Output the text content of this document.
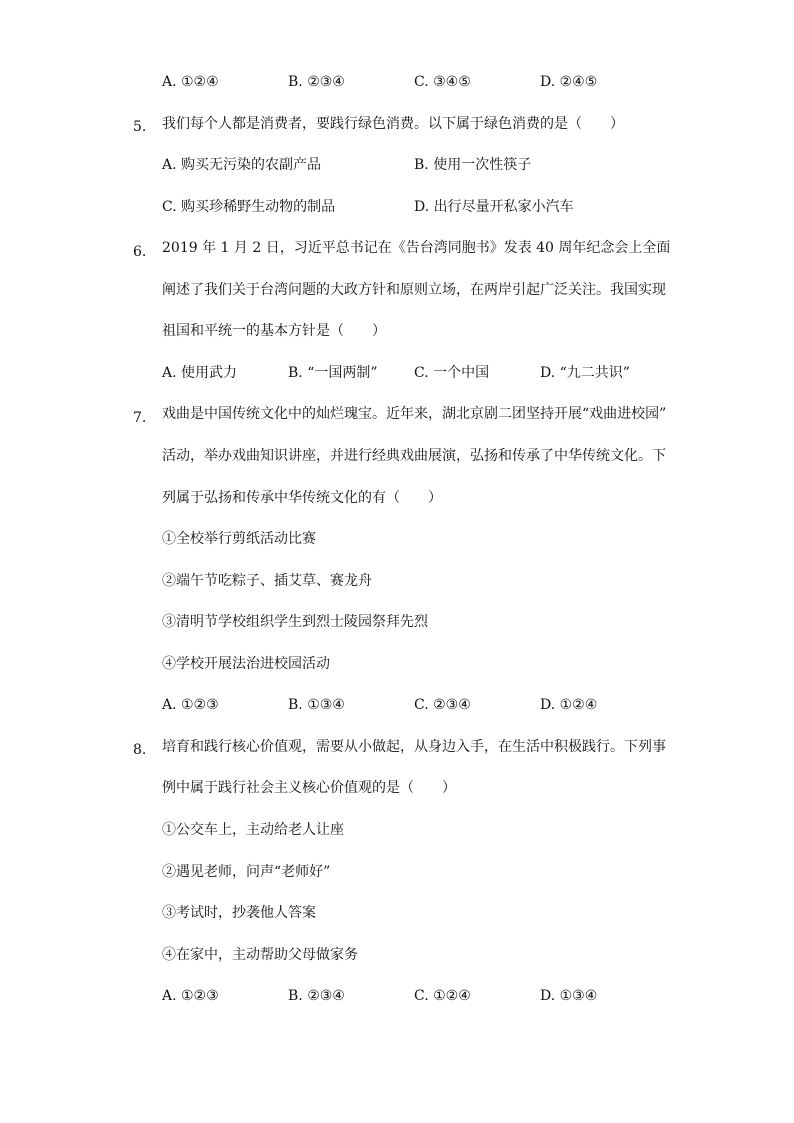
A. ①②④	B. ②③④	C. ③④⑤	D. ②④⑤
5. 我们每个人都是消费者，要践行绿色消费。以下属于绿色消费的是（　　）
A. 购买无污染的农副产品	B. 使用一次性筷子
C. 购买珍稀野生动物的制品	D. 出行尽量开私家小汽车
6. 2019 年 1 月 2 日，习近平总书记在《告台湾同胞书》发表 40 周年纪念会上全面
阐述了我们关于台湾问题的大政方针和原则立场，在两岸引起广泛关注。我国实现
祖国和平统一的基本方针是（　　）
A. 使用武力	B. “一国两制”	C. 一个中国	D. “九二共识”
7. 戏曲是中国传统文化中的灿烂瑰宝。近年来，湖北京剧二团坚持开展“戏曲进校园”
活动，举办戏曲知识讲座，并进行经典戏曲展演，弘扬和传承了中华传统文化。下
列属于弘扬和传承中华传统文化的有（　　）
①全校举行剪纸活动比赛
②端午节吃粽子、插艾草、赛龙舟
③清明节学校组织学生到烈士陵园祭拜先烈
④学校开展法治进校园活动
A. ①②③	B. ①③④	C. ②③④	D. ①②④
8. 培育和践行核心价值观，需要从小做起，从身边入手，在生活中积极践行。下列事
例中属于践行社会主义核心价值观的是（　　）
①公交车上，主动给老人让座
②遇见老师，问声“老师好”
③考试时，抄袭他人答案
④在家中，主动帮助父母做家务
A. ①②③	B. ②③④	C. ①②④	D. ①③④
